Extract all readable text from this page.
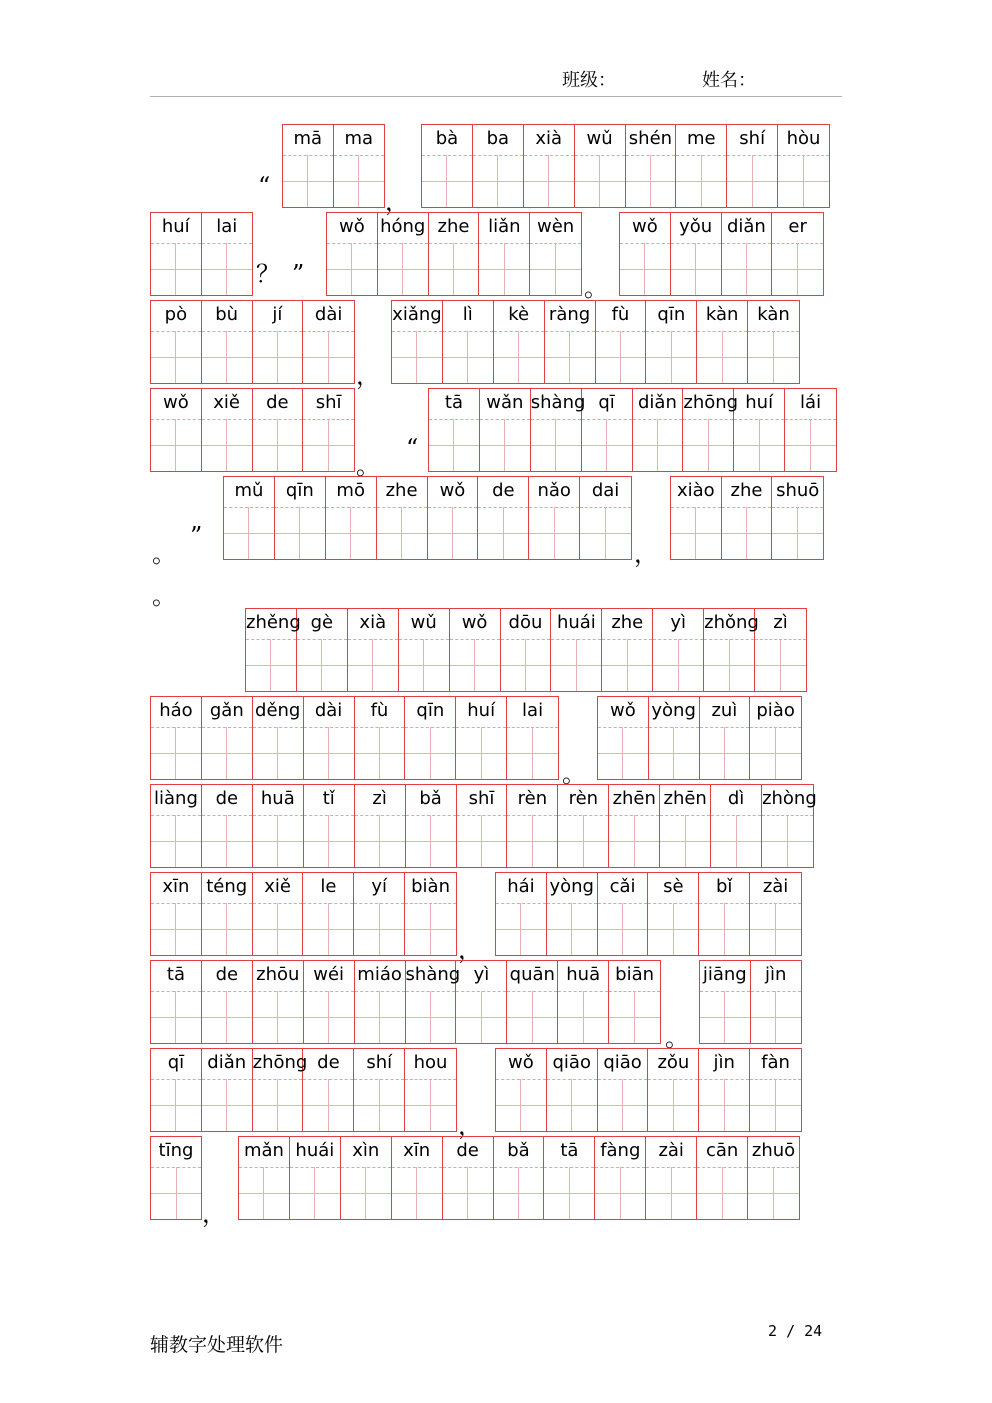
班级：	姓名：
mā	ma	bà	ba	xià	wǔ shén me	shí	hòu
“
，
huí	lai	wǒ hóng zhe	liǎn wèn	wǒ	yǒu diǎn	er
？ ”	。
pò	bù	jí	dài	xiǎng	lì	kè	ràng	fù	qīn	kàn	kàn
，
wǒ	xiě	de	shī	tā	wǎn shàng qī	diǎn zhōng huí	lái
。
“
mǔ	qīn	mō	zhe	wǒ	de	nǎo	dai	xiào zhe shuō
。
”
，
。
zhěng gè	xià	wǔ	wǒ	dōu huái zhe	yì	zhǒng zì
háo gǎn děng dài	fù	qīn	huí	lai	wǒ yòng zuì	piào
。
liàng de	huā	tǐ	zì	bǎ	shī	rèn	rèn zhēn zhēn	dì zhòng
xīn téng xiě	le	yí	biàn	hái yòng cǎi	sè	bǐ	zài
，
tā	de	zhōu wéi miáo shàng yì	quān huā biān	jiāng	jìn
。
qī	diǎn zhōng de	shí	hou	wǒ	qiāo qiāo zǒu	jìn	fàn
，
tīng	mǎn huái xìn	xīn	de	bǎ	tā	fàng	zài	cān zhuō
，
辅教字处理软件
2 / 24
